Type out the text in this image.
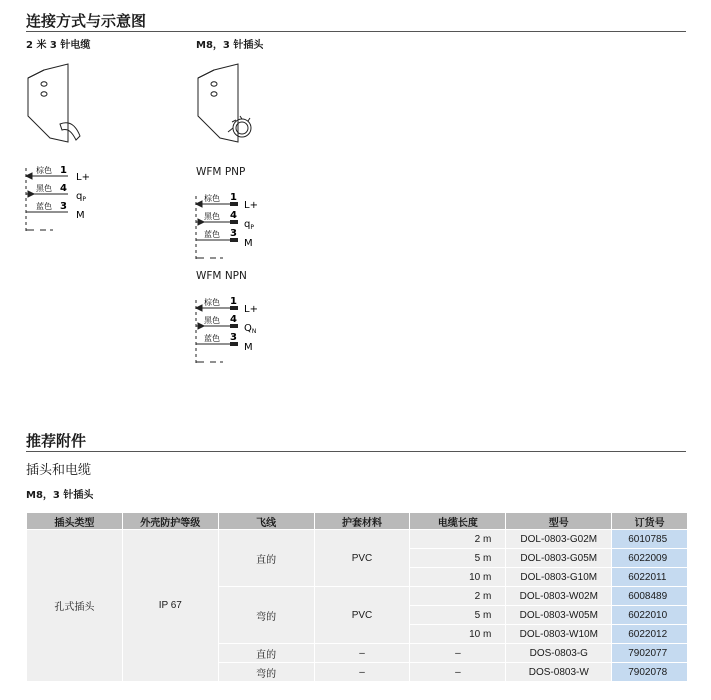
连接方式与示意图
2 米 3 针电缆	M8，3 针插头
棕色
黑色
蓝色
1
4
3
L+
$q_P$
M
WFM PNP
棕色
黑色
蓝色
1
4
3
L+
$q_P$
M
WFM NPN
棕色
黑色
蓝色
1
4
3
L+
$Q_N$
M
推荐附件
插头和电缆
M8，3 针插头
插头类型	外壳防护等级	飞线	护套材料	电缆长度	型号	订货号
孔式插头	IP 67	直的	PVC	2 m	DOL-0803-G02M	6010785
				5 m	DOL-0803-G05M	6022009
				10 m	DOL-0803-G10M	6022011
		弯的	PVC	2 m	DOL-0803-W02M	6008489
				5 m	DOL-0803-W05M	6022010
				10 m	DOL-0803-W10M	6022012
		直的	–	–	DOS-0803-G	7902077
		弯的	–	–	DOS-0803-W	7902078
